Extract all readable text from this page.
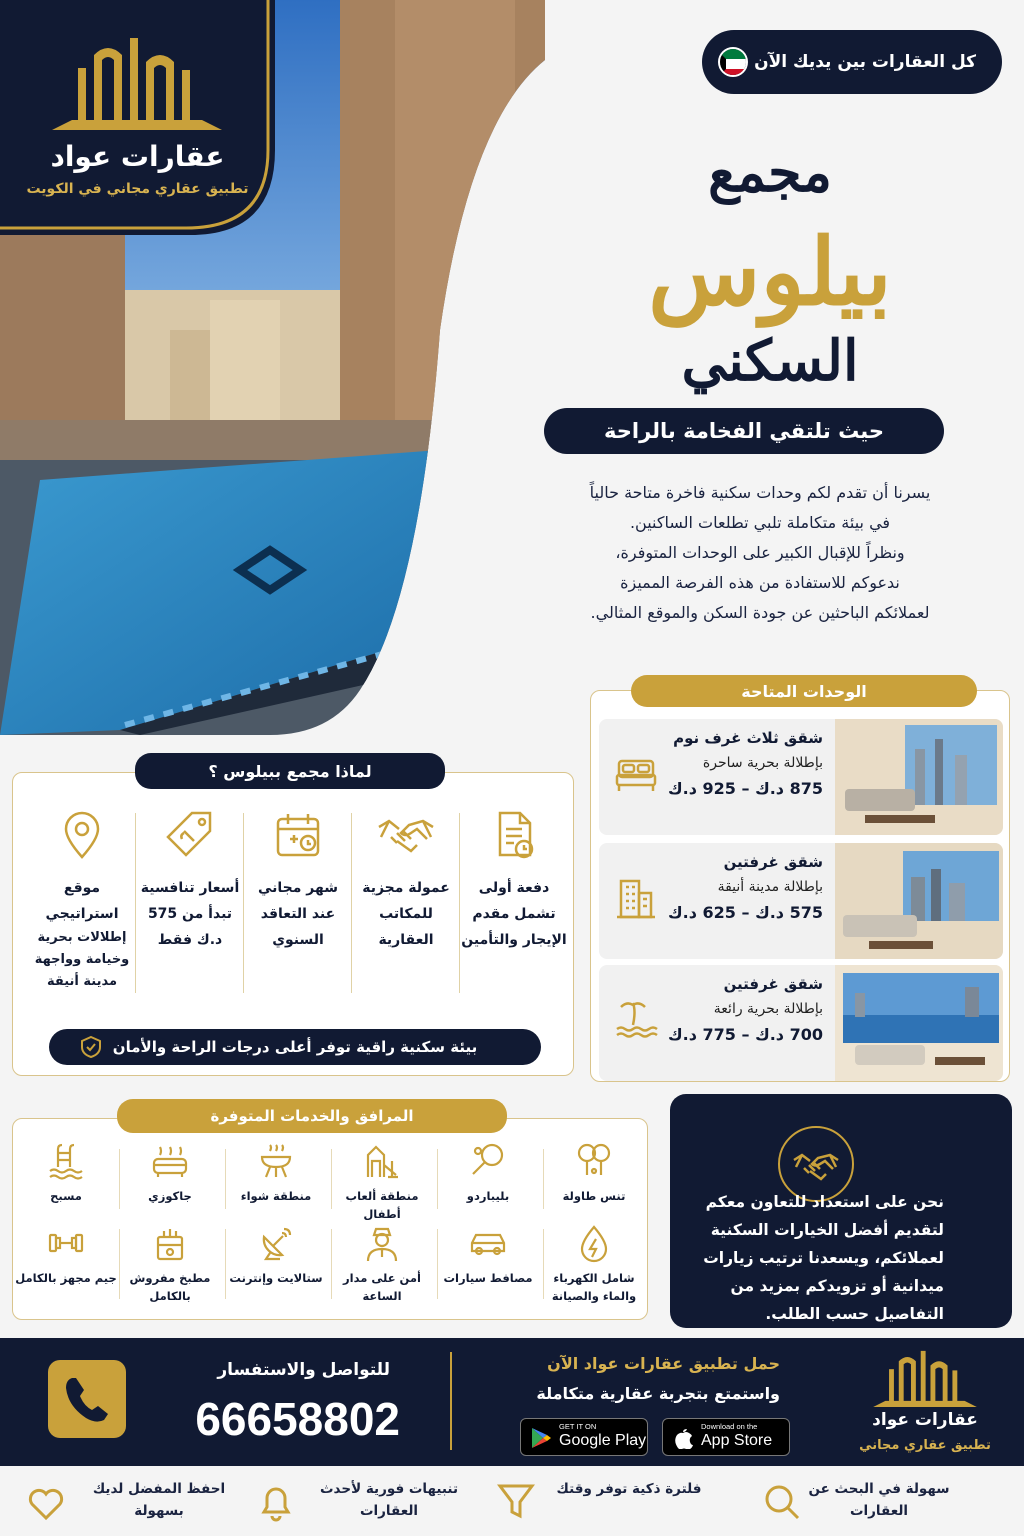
عقارات عواد
تطبيق عقاري مجاني في الكويت
كل العقارات بين يديك الآن
مجمع
بيلوس
السكني
حيث تلتقي الفخامة بالراحة
يسرنا أن تقدم لكم وحدات سكنية فاخرة متاحة حالياً
في بيئة متكاملة تلبي تطلعات الساكنين.
ونظراً للإقبال الكبير على الوحدات المتوفرة،
ندعوكم للاستفادة من هذه الفرصة المميزة
لعملائكم الباحثين عن جودة السكن والموقع المثالي.
الوحدات المتاحة
شقق ثلاث غرف نوم
بإطلالة بحرية ساحرة
875 د.ك – 925 د.ك
شقق غرفتين
بإطلالة مدينة أنيقة
575 د.ك – 625 د.ك
شقق غرفتين
بإطلالة بحرية رائعة
700 د.ك – 775 د.ك
لماذا مجمع ببيلوس ؟
دفعة أولى تشمل مقدم الإيجار والتأمين
عمولة مجزية للمكاتب العقارية
شهر مجاني عند التعاقد السنوي
أسعار تنافسية تبدأ من 575 د.ك فقط
موقع استراتيجي
إطلالات بحرية وخيامة وواجهة مدينة أنيقة
بيئة سكنية راقية توفر أعلى درجات الراحة والأمان
المرافق والخدمات المتوفرة
تنس طاولة
بليباردو
منطقة ألعاب أطفال
منطقة شواء
جاكوزي
مسبح
شامل الكهرباء والماء والصيانة
مصافط سيارات
أمن على مدار الساعة
ستالايت وإنترنت
مطبخ مفروش بالكامل
جيم مجهز بالكامل
نحن على استعداد للتعاون معكم لتقديم أفضل الخيارات السكنية لعملائكم، ويسعدنا ترتيب زيارات ميدانية أو تزويدكم بمزيد من التفاصيل حسب الطلب.
للتواصل والاستفسار
66658802
حمل تطبيق عقارات عواد الآن
واستمتع بتجربة عقارية متكاملة
GET IT ON
Google Play
Download on the
App Store
عقارات عواد
تطبيق عقاري مجاني
سهولة في البحث عن العقارات
فلترة ذكية توفر وقتك
تنبيهات فورية لأحدث العقارات
احفظ المفضل لديك بسهولة
